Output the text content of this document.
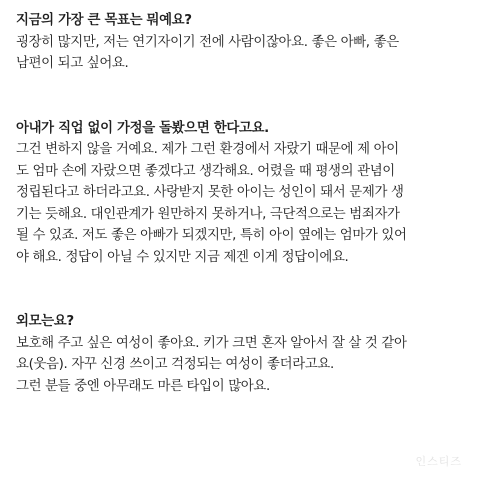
지금의 가장 큰 목표는 뭐예요?
굉장히 많지만, 저는 연기자이기 전에 사람이잖아요. 좋은 아빠, 좋은
남편이 되고 싶어요.
아내가 직업 없이 가정을 돌봤으면 한다고요.
그건 변하지 않을 거예요. 제가 그런 환경에서 자랐기 때문에 제 아이
도 엄마 손에 자랐으면 좋겠다고 생각해요. 어렸을 때 평생의 관념이
정립된다고 하더라고요. 사랑받지 못한 아이는 성인이 돼서 문제가 생
기는 듯해요. 대인관계가 원만하지 못하거나, 극단적으로는 범죄자가
될 수 있죠. 저도 좋은 아빠가 되겠지만, 특히 아이 옆에는 엄마가 있어
야 해요. 정답이 아닐 수 있지만 지금 제겐 이게 정답이에요.
외모는요?
보호해 주고 싶은 여성이 좋아요. 키가 크면 혼자 알아서 잘 살 것 같아
요(웃음). 자꾸 신경 쓰이고 걱정되는 여성이 좋더라고요.
그런 분들 중엔 아무래도 마른 타입이 많아요.
인스티즈
